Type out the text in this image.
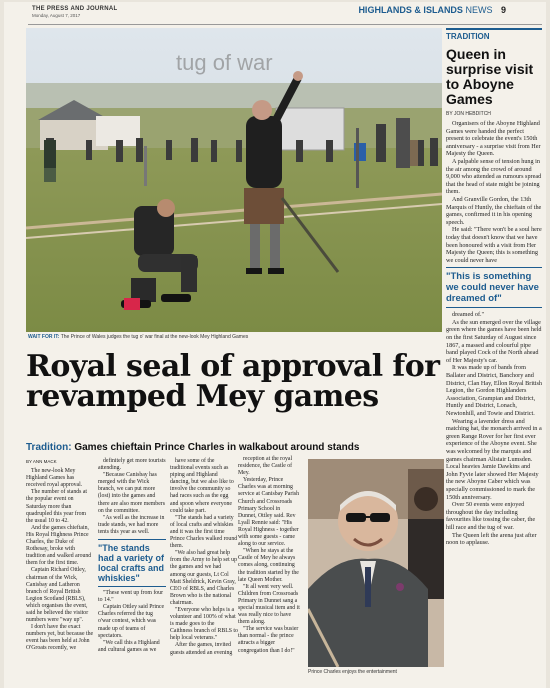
THE PRESS AND JOURNAL
Monday, August 7, 2017
HIGHLANDS & ISLANDS NEWS 9
tug of war
WAIT FOR IT: The Prince of Wales judges the tug o' war final at the new-look Mey Highland Games
TRADITION
Queen in surprise visit to Aboyne Games
BY JON HEBDITCH

Organisers of the Aboyne Highland Games were handed the perfect present to celebrate the event's 150th anniversary - a surprise visit from Her Majesty the Queen.

A palpable sense of tension hung in the air among the crowd of around 9,000 who attended as rumours spread that the head of state might be joining them.

And Granville Gordon, the 13th Marquis of Huntly, the chieftain of the games, confirmed it in his opening speech.

He said: "There won't be a soul here today that doesn't know that we have been honoured with a visit from Her Majesty the Queen; this is something we could never have

"This is something we could never have dreamed of"

dreamed of."

As the sun emerged over the village green where the games have been held on the first Saturday of August since 1867, a massed and colourful pipe band played Cock of the North ahead of Her Majesty's car.

It was made up of bands from Ballater and District, Banchory and District, Clan Hay, Ellon Royal British Legion, the Gordon Highlanders Association, Grampian and District, Huntly and District, Lonach, Newtonhill, and Towie and District.

Wearing a lavender dress and matching hat, the monarch arrived in a green Range Rover for her first ever experience of the Aboyne event. She was welcomed by the marquis and games chairman Alistair Lumsden. Local heavies Jamie Dawkins and John Fyvie later showed Her Majesty the new Aboyne Caber which was specially commissioned to mark the 150th anniversary.

Over 50 events were enjoyed throughout the day including favourites like tossing the caber, the hill race and the tug of war.

The Queen left the arena just after noon to applause.

Royal seal of approval for revamped Mey games
Tradition: Games chieftain Prince Charles in walkabout around stands
BY ANN MACK

The new-look Mey Highland Games has received royal approval.

The number of stands at the popular event on Saturday more than quadrupled this year from the usual 10 to 42.

And the games chieftain, His Royal Highness Prince Charles, the Duke of Rothesay, broke with tradition and walked around them for the first time.

Captain Richard Ottley, chairman of the Wick, Canisbay and Latheron branch of Royal British Legion Scotland (RBLS), which organises the event, said he believed the visitor numbers were "way up".

I don't have the exact numbers yet, but because the event has been held at John O'Groats recently, we

definitely get more tourists attending.

"Because Canisbay has merged with the Wick branch, we can put more (lost) into the games and there are also more members on the committee.

"As well as the increase in trade stands, we had more tents this year as well.

"The stands had a variety of local crafts and whiskies"

"These went up from four to 14."

Captain Ottley said Prince Charles referred the tug o'war contest, which was made up of teams of spectators.

"We call this a Highland and cultural games as we

have some of the traditional events such as piping and Highland dancing, but we also like to involve the community so had races such as the egg and spoon where everyone could take part.

"The stands had a variety of local crafts and whiskies and it was the first time Prince Charles walked round them.

"We also had great help from the Army to help set up the games and we had among our guests, Lt Col Matt Sheldrick, Kevin Gray, CEO of RBLS, and Charles Brown who is the national chairman.

"Everyone who helps is a volunteer and 100% of what is made goes to the Caithness branch of RBLS to help local veterans."

After the games, invited guests attended an evening

Prince Charles enjoys the entertainment

reception at the royal residence, the Castle of Mey.

Yesterday, Prince Charles was at morning service at Canisbay Parish Church and Crossroads Primary School in Dunnet, Ottley said. Rev Lyall Rennie said: "His Royal Highness - together with some guests - came along to our service.

"When he stays at the Castle of Mey he always comes along, continuing the tradition started by the late Queen Mother.

"It all went very well. Children from Crossroads Primary in Dunnet sang a special musical item and it was really nice to have them along.

"The service was busier than normal - the prince attracts a bigger congregation than I do!"
